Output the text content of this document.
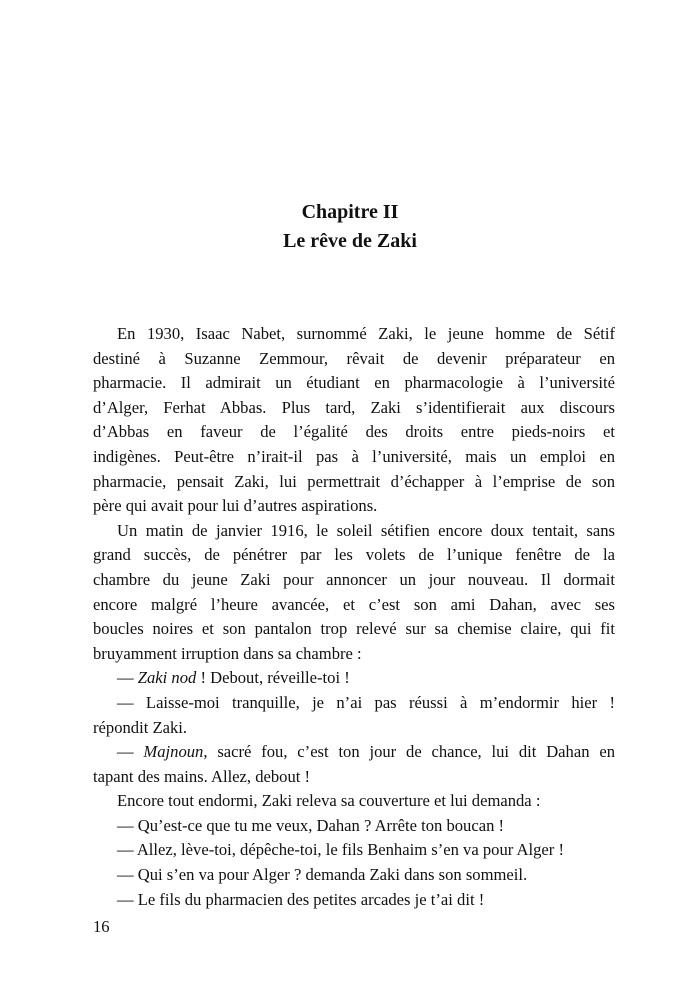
Chapitre II
Le rêve de Zaki
En 1930, Isaac Nabet, surnommé Zaki, le jeune homme de Sétif
destiné à Suzanne Zemmour, rêvait de devenir préparateur en
pharmacie. Il admirait un étudiant en pharmacologie à l’université
d’Alger, Ferhat Abbas. Plus tard, Zaki s’identifierait aux discours
d’Abbas en faveur de l’égalité des droits entre pieds-noirs et
indigènes. Peut-être n’irait-il pas à l’université, mais un emploi en
pharmacie, pensait Zaki, lui permettrait d’échapper à l’emprise de son
père qui avait pour lui d’autres aspirations.
Un matin de janvier 1916, le soleil sétifien encore doux tentait, sans
grand succès, de pénétrer par les volets de l’unique fenêtre de la
chambre du jeune Zaki pour annoncer un jour nouveau. Il dormait
encore malgré l’heure avancée, et c’est son ami Dahan, avec ses
boucles noires et son pantalon trop relevé sur sa chemise claire, qui fit
bruyamment irruption dans sa chambre :
— Zaki nod ! Debout, réveille-toi !
— Laisse-moi tranquille, je n’ai pas réussi à m’endormir hier !
répondit Zaki.
— Majnoun, sacré fou, c’est ton jour de chance, lui dit Dahan en
tapant des mains. Allez, debout !
Encore tout endormi, Zaki releva sa couverture et lui demanda :
— Qu’est-ce que tu me veux, Dahan ? Arrête ton boucan !
— Allez, lève-toi, dépêche-toi, le fils Benhaim s’en va pour Alger !
— Qui s’en va pour Alger ? demanda Zaki dans son sommeil.
— Le fils du pharmacien des petites arcades je t’ai dit !
16
